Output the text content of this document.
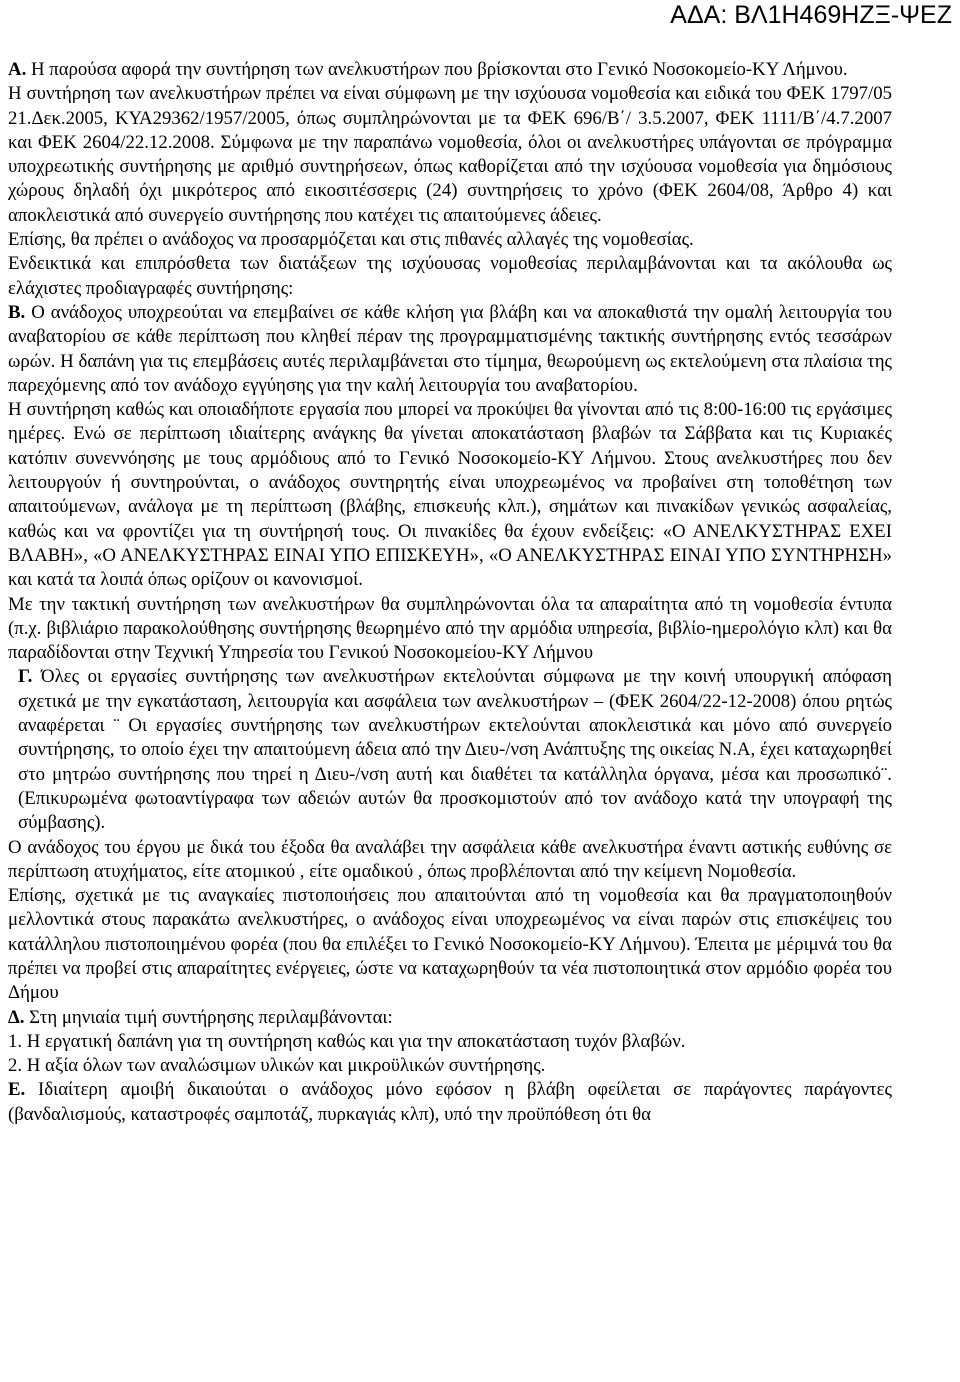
ΑΔΑ: ΒΛ1Η469ΗΖΞ-ΨΕΖ

Α. Η παρούσα αφορά την συντήρηση των ανελκυστήρων που βρίσκονται στο Γενικό Νοσοκομείο-ΚΥ Λήμνου.

Η συντήρηση των ανελκυστήρων πρέπει να είναι σύμφωνη με την ισχύουσα νομοθεσία και ειδικά του ΦΕΚ 1797/05 21.Δεκ.2005, ΚΥΑ29362/1957/2005, όπως συμπληρώνονται με τα ΦΕΚ 696/Β΄/ 3.5.2007, ΦΕΚ 1111/Β΄/4.7.2007 και ΦΕΚ 2604/22.12.2008. Σύμφωνα με την παραπάνω νομοθεσία, όλοι οι ανελκυστήρες υπάγονται σε πρόγραμμα υποχρεωτικής συντήρησης με αριθμό συντηρήσεων, όπως καθορίζεται από την ισχύουσα νομοθεσία για δημόσιους χώρους δηλαδή όχι μικρότερος από εικοσιτέσσερις (24) συντηρήσεις το χρόνο (ΦΕΚ 2604/08, Άρθρο 4) και αποκλειστικά από συνεργείο συντήρησης που κατέχει τις απαιτούμενες άδειες.

Επίσης, θα πρέπει ο ανάδοχος να προσαρμόζεται και στις πιθανές αλλαγές της νομοθεσίας.

Ενδεικτικά και επιπρόσθετα των διατάξεων της ισχύουσας νομοθεσίας περιλαμβάνονται και τα ακόλουθα ως ελάχιστες προδιαγραφές συντήρησης:

Β. Ο ανάδοχος υποχρεούται να επεμβαίνει σε κάθε κλήση για βλάβη και να αποκαθιστά την ομαλή λειτουργία του αναβατορίου σε κάθε περίπτωση που κληθεί πέραν της προγραμματισμένης τακτικής συντήρησης εντός τεσσάρων ωρών. Η δαπάνη για τις επεμβάσεις αυτές περιλαμβάνεται στο τίμημα, θεωρούμενη ως εκτελούμενη στα πλαίσια της παρεχόμενης από τον ανάδοχο εγγύησης για την καλή λειτουργία του αναβατορίου.

Η συντήρηση καθώς και οποιαδήποτε εργασία που μπορεί να προκύψει θα γίνονται από τις 8:00-16:00 τις εργάσιμες ημέρες. Ενώ σε περίπτωση ιδιαίτερης ανάγκης θα γίνεται αποκατάσταση βλαβών τα Σάββατα και τις Κυριακές κατόπιν συνεννόησης με τους αρμόδιους από το Γενικό Νοσοκομείο-ΚΥ Λήμνου. Στους ανελκυστήρες που δεν λειτουργούν ή συντηρούνται, ο ανάδοχος συντηρητής είναι υποχρεωμένος να προβαίνει στη τοποθέτηση των απαιτούμενων, ανάλογα με τη περίπτωση (βλάβης, επισκευής κλπ.), σημάτων και πινακίδων γενικώς ασφαλείας, καθώς και να φροντίζει για τη συντήρησή τους. Οι πινακίδες θα έχουν ενδείξεις: «Ο ΑΝΕΛΚΥΣΤΗΡΑΣ ΕΧΕΙ ΒΛΑΒΗ», «Ο ΑΝΕΛΚΥΣΤΗΡΑΣ ΕΙΝΑΙ ΥΠΟ ΕΠΙΣΚΕΥΗ», «Ο ΑΝΕΛΚΥΣΤΗΡΑΣ ΕΙΝΑΙ ΥΠΟ ΣΥΝΤΗΡΗΣΗ» και κατά τα λοιπά όπως ορίζουν οι κανονισμοί.

Με την τακτική συντήρηση των ανελκυστήρων θα συμπληρώνονται όλα τα απαραίτητα από τη νομοθεσία έντυπα (π.χ. βιβλιάριο παρακολούθησης συντήρησης θεωρημένο από την αρμόδια υπηρεσία, βιβλίο-ημερολόγιο κλπ) και θα παραδίδονται στην Τεχνική Υπηρεσία του Γενικού Νοσοκομείου-ΚΥ Λήμνου

Γ. Όλες οι εργασίες συντήρησης των ανελκυστήρων εκτελούνται σύμφωνα με την κοινή υπουργική απόφαση σχετικά με την εγκατάσταση, λειτουργία και ασφάλεια των ανελκυστήρων – (ΦΕΚ 2604/22-12-2008) όπου ρητώς αναφέρεται ¨ Οι εργασίες συντήρησης των ανελκυστήρων εκτελούνται αποκλειστικά και μόνο από συνεργείο συντήρησης, το οποίο έχει την απαιτούμενη άδεια από την Διευ-/νση Ανάπτυξης της οικείας Ν.Α, έχει καταχωρηθεί στο μητρώο συντήρησης που τηρεί η Διευ-/νση αυτή και διαθέτει τα κατάλληλα όργανα, μέσα και προσωπικό¨. (Επικυρωμένα φωτοαντίγραφα των αδειών αυτών θα προσκομιστούν από τον ανάδοχο κατά την υπογραφή της σύμβασης).

Ο ανάδοχος του έργου με δικά του έξοδα θα αναλάβει την ασφάλεια κάθε ανελκυστήρα έναντι αστικής ευθύνης σε περίπτωση ατυχήματος, είτε ατομικού , είτε ομαδικού , όπως προβλέπονται από την κείμενη Νομοθεσία.

Επίσης, σχετικά με τις αναγκαίες πιστοποιήσεις που απαιτούνται από τη νομοθεσία και θα πραγματοποιηθούν μελλοντικά στους παρακάτω ανελκυστήρες, ο ανάδοχος είναι υποχρεωμένος να είναι παρών στις επισκέψεις του κατάλληλου πιστοποιημένου φορέα (που θα επιλέξει το Γενικό Νοσοκομείο-ΚΥ Λήμνου). Έπειτα με μέριμνά του θα πρέπει να προβεί στις απαραίτητες ενέργειες, ώστε να καταχωρηθούν τα νέα πιστοποιητικά στον αρμόδιο φορέα του Δήμου

Δ. Στη μηνιαία τιμή συντήρησης περιλαμβάνονται:

1. Η εργατική δαπάνη για τη συντήρηση καθώς και για την αποκατάσταση τυχόν βλαβών.

2. Η αξία όλων των αναλώσιμων υλικών και μικροϋλικών συντήρησης.

Ε. Ιδιαίτερη αμοιβή δικαιούται ο ανάδοχος μόνο εφόσον η βλάβη οφείλεται σε παράγοντες παράγοντες (βανδαλισμούς, καταστροφές σαμποτάζ, πυρκαγιάς κλπ), υπό την προϋπόθεση ότι θα
